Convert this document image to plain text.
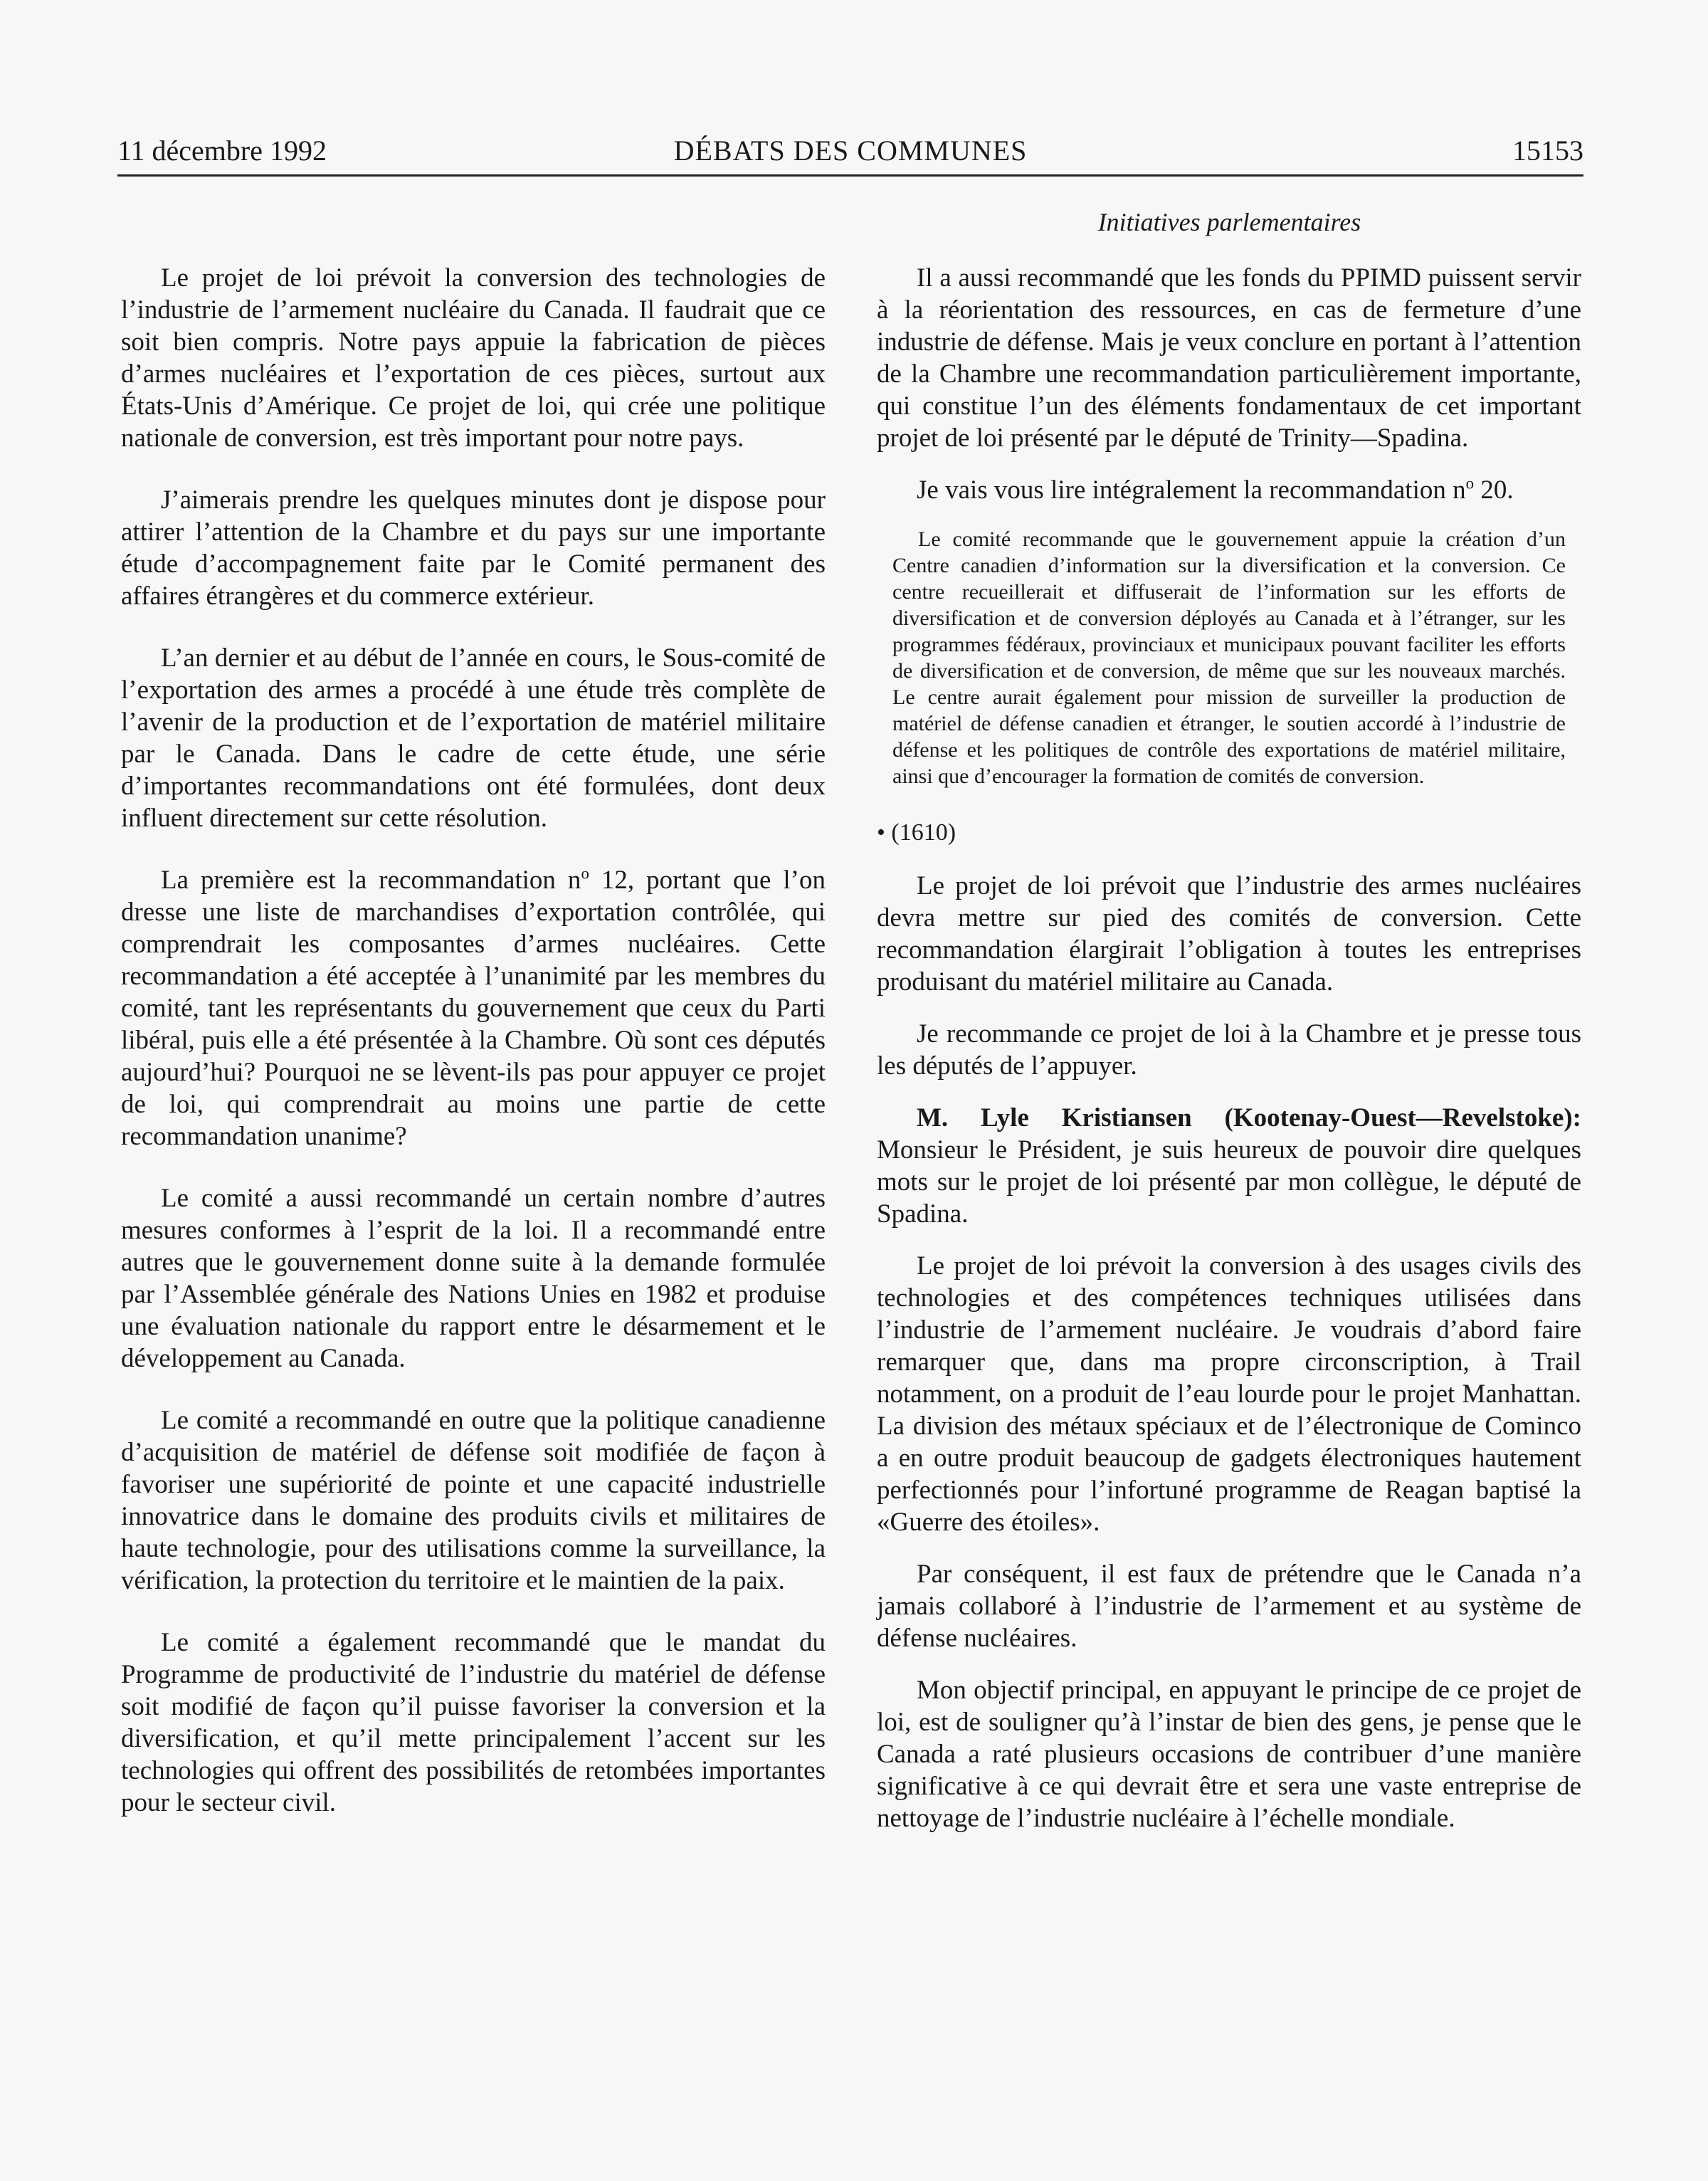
DÉBATS DES COMMUNES
11 décembre 1992	15153
Initiatives parlementaires

Le projet de loi prévoit la conversion des technologies de l’industrie de l’armement nucléaire du Canada. Il faudrait que ce soit bien compris. Notre pays appuie la fabrication de pièces d’armes nucléaires et l’exportation de ces pièces, surtout aux États-Unis d’Amérique. Ce projet de loi, qui crée une politique nationale de conversion, est très important pour notre pays.

J’aimerais prendre les quelques minutes dont je dispose pour attirer l’attention de la Chambre et du pays sur une importante étude d’accompagnement faite par le Comité permanent des affaires étrangères et du commerce extérieur.

L’an dernier et au début de l’année en cours, le Sous-comité de l’exportation des armes a procédé à une étude très complète de l’avenir de la production et de l’exportation de matériel militaire par le Canada. Dans le cadre de cette étude, une série d’importantes recommandations ont été formulées, dont deux influent directement sur cette résolution.

La première est la recommandation $n^o$ 12, portant que l’on dresse une liste de marchandises d’exportation contrôlée, qui comprendrait les composantes d’armes nucléaires. Cette recommandation a été acceptée à l’unanimité par les membres du comité, tant les représentants du gouvernement que ceux du Parti libéral, puis elle a été présentée à la Chambre. Où sont ces députés aujourd’hui? Pourquoi ne se lèvent-ils pas pour appuyer ce projet de loi, qui comprendrait au moins une partie de cette recommandation unanime?

Le comité a aussi recommandé un certain nombre d’autres mesures conformes à l’esprit de la loi. Il a recommandé entre autres que le gouvernement donne suite à la demande formulée par l’Assemblée générale des Nations Unies en 1982 et produise une évaluation nationale du rapport entre le désarmement et le développement au Canada.

Le comité a recommandé en outre que la politique canadienne d’acquisition de matériel de défense soit modifiée de façon à favoriser une supériorité de pointe et une capacité industrielle innovatrice dans le domaine des produits civils et militaires de haute technologie, pour des utilisations comme la surveillance, la vérification, la protection du territoire et le maintien de la paix.

Le comité a également recommandé que le mandat du Programme de productivité de l’industrie du matériel de défense soit modifié de façon qu’il puisse favoriser la conversion et la diversification, et qu’il mette principalement l’accent sur les technologies qui offrent des possibilités de retombées importantes pour le secteur civil.

Il a aussi recommandé que les fonds du PPIMD puissent servir à la réorientation des ressources, en cas de fermeture d’une industrie de défense. Mais je veux conclure en portant à l’attention de la Chambre une recommandation particulièrement importante, qui constitue l’un des éléments fondamentaux de cet important projet de loi présenté par le député de Trinity—Spadina.

Je vais vous lire intégralement la recommandation $n^o$ 20.

Le comité recommande que le gouvernement appuie la création d’un Centre canadien d’information sur la diversification et la conversion. Ce centre recueillerait et diffuserait de l’information sur les efforts de diversification et de conversion déployés au Canada et à l’étranger, sur les programmes fédéraux, provinciaux et municipaux pouvant faciliter les efforts de diversification et de conversion, de même que sur les nouveaux marchés. Le centre aurait également pour mission de surveiller la production de matériel de défense canadien et étranger, le soutien accordé à l’industrie de défense et les politiques de contrôle des exportations de matériel militaire, ainsi que d’encourager la formation de comités de conversion.

• (1610)

Le projet de loi prévoit que l’industrie des armes nucléaires devra mettre sur pied des comités de conversion. Cette recommandation élargirait l’obligation à toutes les entreprises produisant du matériel militaire au Canada.

Je recommande ce projet de loi à la Chambre et je presse tous les députés de l’appuyer.

M. Lyle Kristiansen (Kootenay-Ouest—Revelstoke): Monsieur le Président, je suis heureux de pouvoir dire quelques mots sur le projet de loi présenté par mon collègue, le député de Spadina.

Le projet de loi prévoit la conversion à des usages civils des technologies et des compétences techniques utilisées dans l’industrie de l’armement nucléaire. Je voudrais d’abord faire remarquer que, dans ma propre circonscription, à Trail notamment, on a produit de l’eau lourde pour le projet Manhattan. La division des métaux spéciaux et de l’électronique de Cominco a en outre produit beaucoup de gadgets électroniques hautement perfectionnés pour l’infortuné programme de Reagan baptisé la «Guerre des étoiles».

Par conséquent, il est faux de prétendre que le Canada n’a jamais collaboré à l’industrie de l’armement et au système de défense nucléaires.

Mon objectif principal, en appuyant le principe de ce projet de loi, est de souligner qu’à l’instar de bien des gens, je pense que le Canada a raté plusieurs occasions de contribuer d’une manière significative à ce qui devrait être et sera une vaste entreprise de nettoyage de l’industrie nucléaire à l’échelle mondiale.
